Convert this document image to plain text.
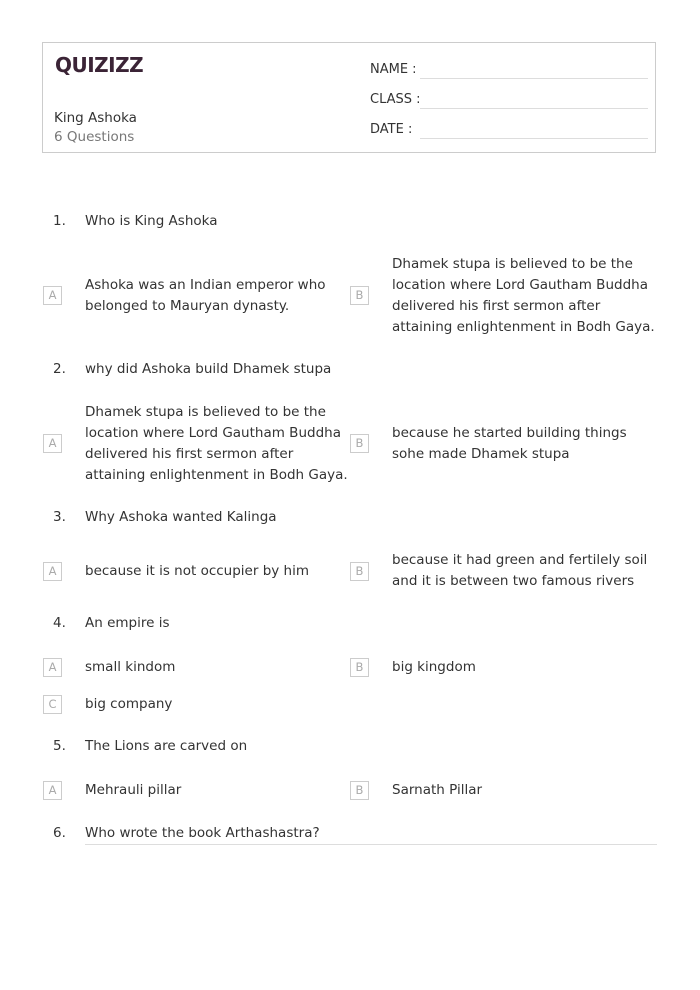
QUIZIZZ
King Ashoka
6 Questions
NAME :
CLASS :
DATE :
1. Who is King Ashoka
A
Ashoka was an Indian emperor who belonged to Mauryan dynasty.
B
Dhamek stupa is believed to be the location where Lord Gautham Buddha delivered his first sermon after attaining enlightenment in Bodh Gaya.
2. why did Ashoka build Dhamek stupa
A
Dhamek stupa is believed to be the location where Lord Gautham Buddha delivered his first sermon after attaining enlightenment in Bodh Gaya.
B
because he started building things sohe made Dhamek stupa
3. Why Ashoka wanted Kalinga
A	because it is not occupier by him	B
because it had green and fertilely soil and it is between two famous rivers
4. An empire is
A	small kindom	B	big kingdom
C	big company
5. The Lions are carved on
A	Mehrauli pillar	B	Sarnath Pillar
6. Who wrote the book Arthashastra?
